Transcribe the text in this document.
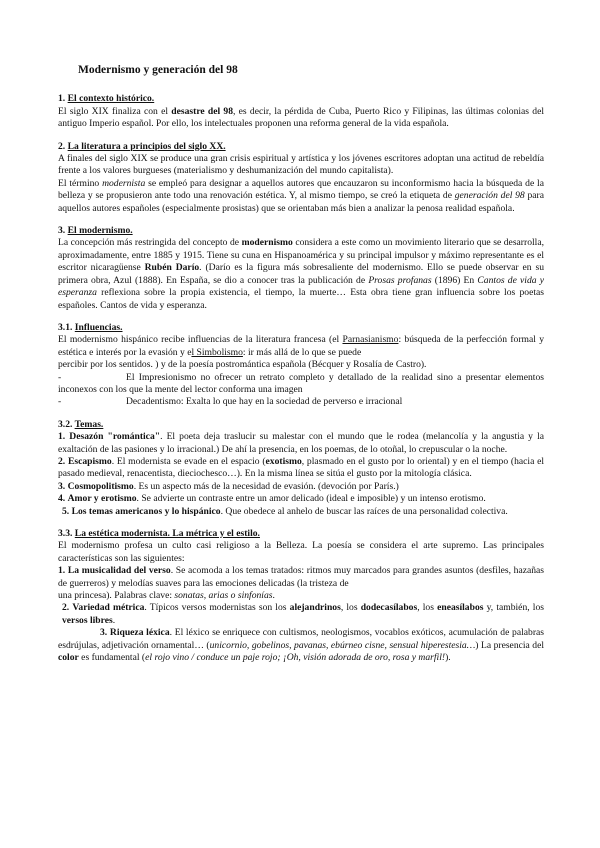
Modernismo y generación del 98
1. El contexto histórico.

El siglo XIX finaliza con el desastre del 98, es decir, la pérdida de Cuba, Puerto Rico y Filipinas, las últimas colonias del antiguo Imperio español. Por ello, los intelectuales proponen una reforma general de la vida española.

2. La literatura a principios del siglo XX.

A finales del siglo XIX se produce una gran crisis espiritual y artística y los jóvenes escritores adoptan una actitud de rebeldía frente a los valores burgueses (materialismo y deshumanización del mundo capitalista).

El término modernista se empleó para designar a aquellos autores que encauzaron su inconformismo hacia la búsqueda de la belleza y se propusieron ante todo una renovación estética. Y, al mismo tiempo, se creó la etiqueta de generación del 98 para aquellos autores españoles (especialmente prosistas) que se orientaban más bien a analizar la penosa realidad española.

3. El modernismo.

La concepción más restringida del concepto de modernismo considera a este como un movimiento literario que se desarrolla, aproximadamente, entre 1885 y 1915. Tiene su cuna en Hispanoamérica y su principal impulsor y máximo representante es el escritor nicaragüense Rubén Darío. (Darío es la figura más sobresaliente del modernismo. Ello se puede observar en su primera obra, Azul (1888). En España, se dio a conocer tras la publicación de Prosas profanas (1896) En Cantos de vida y esperanza reflexiona sobre la propia existencia, el tiempo, la muerte… Esta obra tiene gran influencia sobre los poetas españoles. Cantos de vida y esperanza.

3.1. Influencias.

El modernismo hispánico recibe influencias de la literatura francesa (el Parnasianismo: búsqueda de la perfección formal y estética e interés por la evasión y el Simbolismo: ir más allá de lo que se puede

percibir por los sentidos. ) y de la poesía postromántica española (Bécquer y Rosalía de Castro).

-	El Impresionismo no ofrecer un retrato completo y detallado de la realidad sino a presentar elementos inconexos con los que la mente del lector conforma una imagen

-	Decadentismo: Exalta lo que hay en la sociedad de perverso e irracional

3.2. Temas.

1. Desazón "romántica". El poeta deja traslucir su malestar con el mundo que le rodea (melancolía y la angustia y la exaltación de las pasiones y lo irracional.) De ahí la presencia, en los poemas, de lo otoñal, lo crepuscular o la noche.

2. Escapismo. El modernista se evade en el espacio (exotismo, plasmado en el gusto por lo oriental) y en el tiempo (hacia el pasado medieval, renacentista, dieciochesco…). En la misma línea se sitúa el gusto por la mitología clásica.

3. Cosmopolitismo. Es un aspecto más de la necesidad de evasión. (devoción por París.)

4. Amor y erotismo. Se advierte un contraste entre un amor delicado (ideal e imposible) y un intenso erotismo.

5. Los temas americanos y lo hispánico. Que obedece al anhelo de buscar las raíces de una personalidad colectiva.

3.3. La estética modernista. La métrica y el estilo.

El modernismo profesa un culto casi religioso a la Belleza. La poesía se considera el arte supremo. Las principales características son las siguientes:

1. La musicalidad del verso. Se acomoda a los temas tratados: ritmos muy marcados para grandes asuntos (desfiles, hazañas de guerreros) y melodías suaves para las emociones delicadas (la tristeza de

una princesa). Palabras clave: sonatas, arias o sinfonías.

2. Variedad métrica. Típicos versos modernistas son los alejandrinos, los dodecasílabos, los eneasílabos y, también, los versos libres.

3. Riqueza léxica. El léxico se enriquece con cultismos, neologismos, vocablos exóticos, acumulación de palabras esdrújulas, adjetivación ornamental… (unicornio, gobelinos, pavanas, ebúrneo cisne, sensual hiperestesia…) La presencia del color es fundamental (el rojo vino / conduce un paje rojo; ¡Oh, visión adorada de oro, rosa y marfil!).
